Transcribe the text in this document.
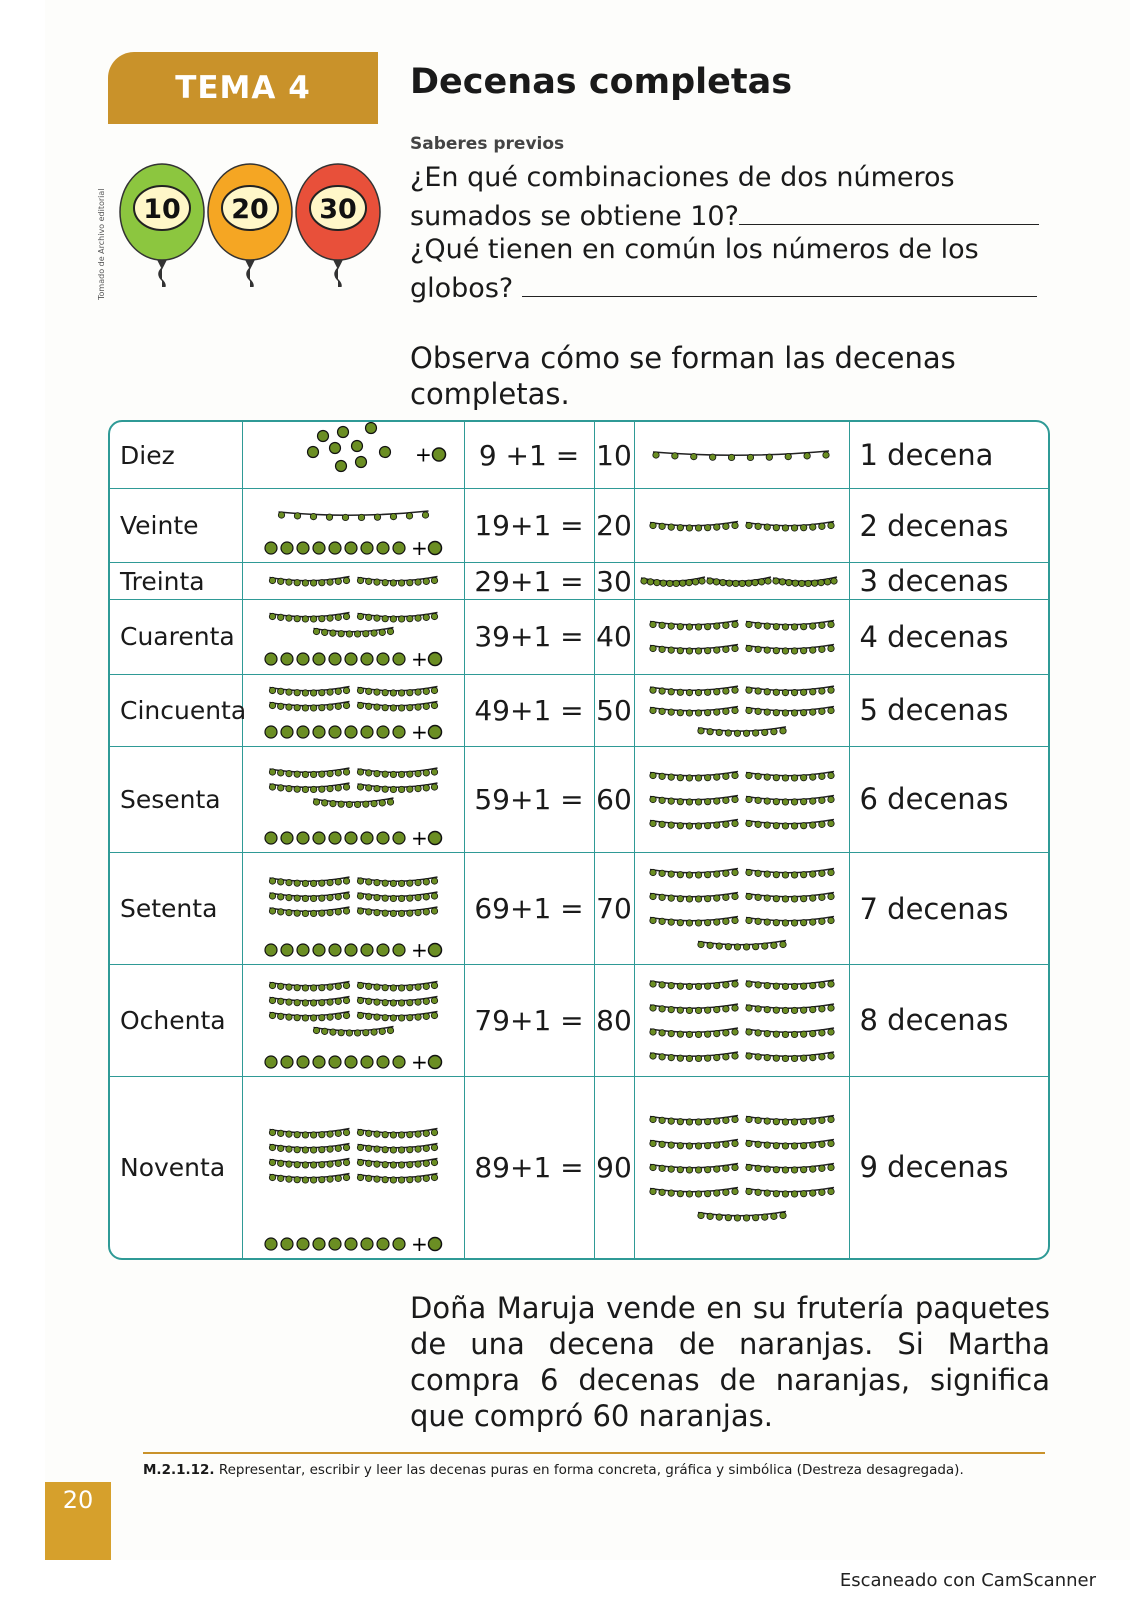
TEMA 4	Decenas completas
Tomado de Archivo editorial 10 20 30
Saberes previos
¿En qué combinaciones de dos números
sumados se obtiene 10?
¿Qué tienen en común los números de los
globos?
Observa cómo se forman las decenas completas.
Diez	+	9 +1 =	10		1 decena
Veinte	+	19+1 =	20		2 decenas
Treinta		29+1 =	30		3 decenas
Cuarenta	+	39+1 =	40		4 decenas
Cincuenta	+	49+1 =	50		5 decenas
Sesenta	+	59+1 =	60		6 decenas
Setenta	+	69+1 =	70		7 decenas
Ochenta	+	79+1 =	80		8 decenas
Noventa	+	89+1 =	90		9 decenas
Doña Maruja vende en su frutería paquetes de una decena de naranjas. Si Martha compra 6 decenas de naranjas, significa que compró 60 naranjas.
M.2.1.12. Representar, escribir y leer las decenas puras en forma concreta, gráfica y simbólica (Destreza desagregada).
20
Escaneado con CamScanner
